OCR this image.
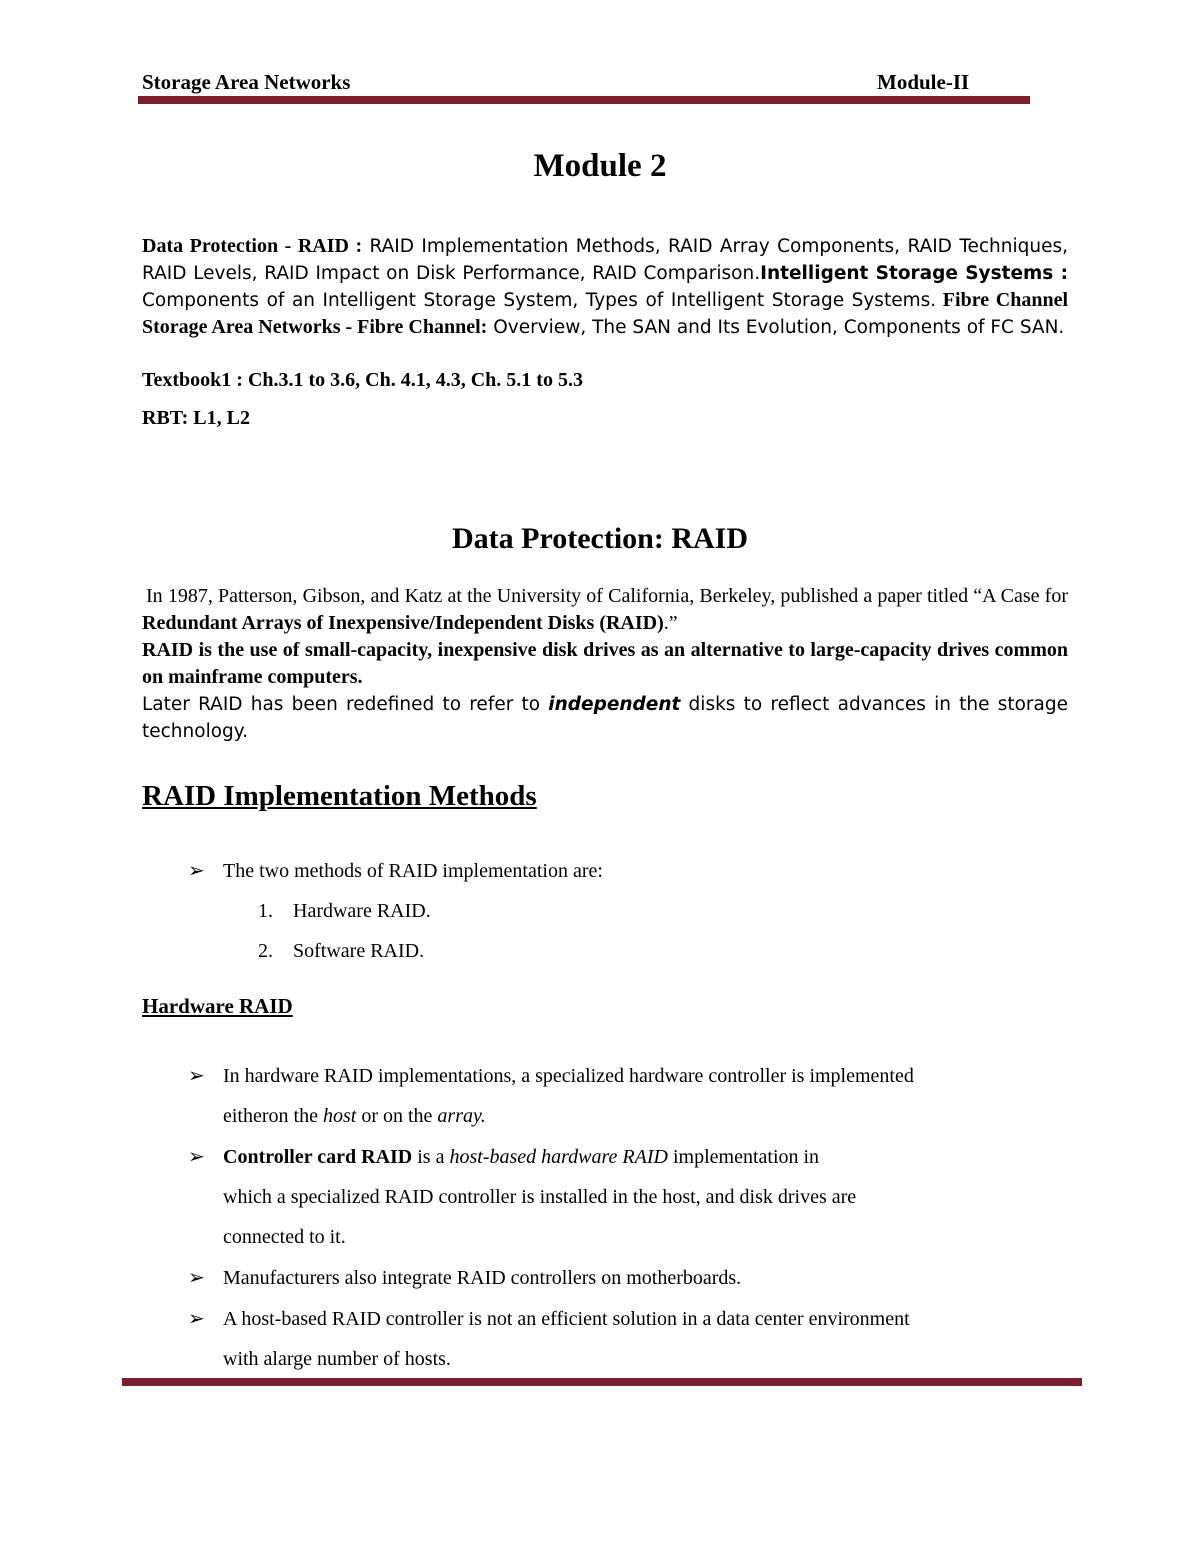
Storage Area Networks	Module-II
Module 2

Data Protection - RAID : RAID Implementation Methods, RAID Array Components, RAID Techniques, RAID Levels, RAID Impact on Disk Performance, RAID Comparison.Intelligent Storage Systems : Components of an Intelligent Storage System, Types of Intelligent Storage Systems. Fibre Channel Storage Area Networks - Fibre Channel: Overview, The SAN and Its Evolution, Components of FC SAN.

Textbook1 : Ch.3.1 to 3.6, Ch. 4.1, 4.3, Ch. 5.1 to 5.3

RBT: L1, L2

Data Protection: RAID
In 1987, Patterson, Gibson, and Katz at the University of California, Berkeley, published a paper titled “A Case for Redundant Arrays of Inexpensive/Independent Disks (RAID).”
RAID is the use of small-capacity, inexpensive disk drives as an alternative to large-capacity drives common on mainframe computers.
Later RAID has been redefined to refer to independent disks to reflect advances in the storage technology.
RAID Implementation Methods
➢ The two methods of RAID implementation are:
1. Hardware RAID.
2. Software RAID.
Hardware RAID
➢ In hardware RAID implementations, a specialized hardware controller is implemented
eitheron the host or on the array.
➢ Controller card RAID is a host-based hardware RAID implementation in
which a specialized RAID controller is installed in the host, and disk drives are
connected to it.
➢ Manufacturers also integrate RAID controllers on motherboards.
➢ A host-based RAID controller is not an efficient solution in a data center environment
with alarge number of hosts.
